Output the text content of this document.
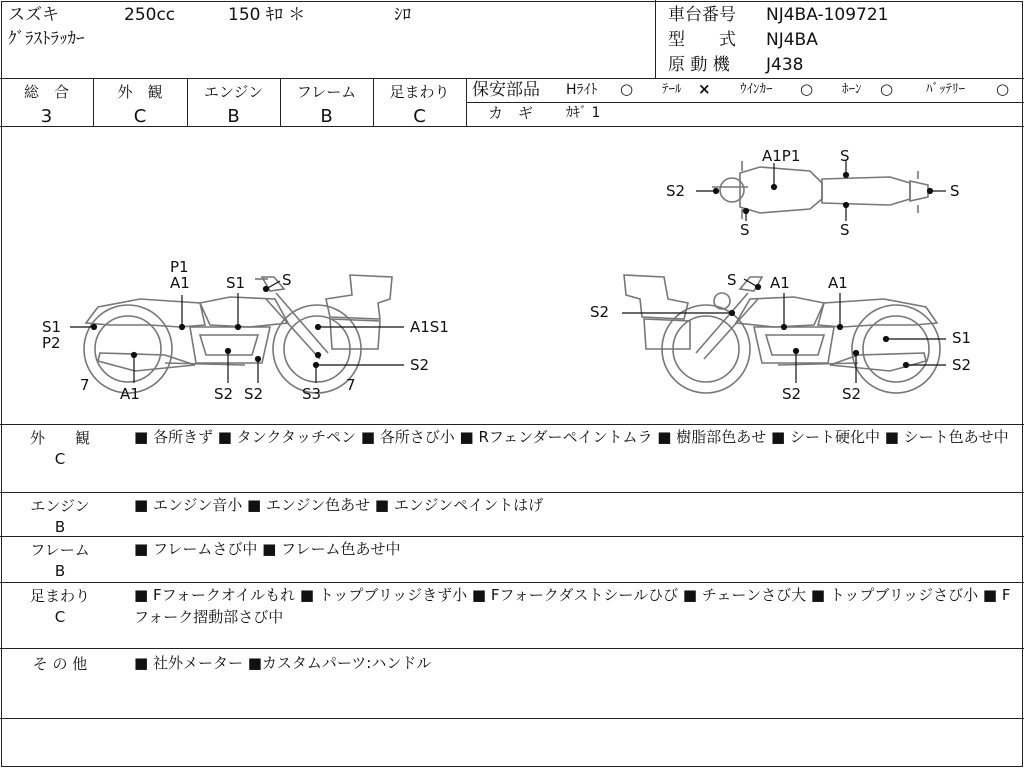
スズキ	250cc	150 ｷﾛ ＊	ｼﾛ
ｸﾞﾗｽﾄﾗｯｶｰ
車台番号 NJ4BA-109721
型　　式 NJ4BA
原 動 機 J438
総　合
3
外　観
C
エンジン
B
フレーム
B
足まわり
C
保安部品 Hﾗｲﾄ ○ ﾃｰﾙ × ｳｲﾝｶｰ ○ ﾎｰﾝ ○	ﾊﾞｯﾃﾘｰ ○
カ　ギ ｶｷﾞ 1
A1P1	S
S2	S
S	S
P1
A1 S1 S
S1
P2
A1S1
S2
7 A1	S2 S2	S3 7
S A1	A1
S2
S1
S2
S2	S2
外　　観
C
■ 各所きず ■ タンクタッチペン ■ 各所さび小 ■ Rフェンダーペイントムラ ■ 樹脂部色あせ ■ シート硬化中 ■ シート色あせ中
エンジン
B
■ エンジン音小 ■ エンジン色あせ ■ エンジンペイントはげ
フレーム
B
■ フレームさび中 ■ フレーム色あせ中
足まわり
C
■ Fフォークオイルもれ ■ トップブリッジきず小 ■ Fフォークダストシールひび ■ チェーンさび大 ■ トップブリッジさび小 ■ Fフォーク摺動部さび中
そ の 他	■ 社外メーター ■カスタムパーツ:ハンドル
